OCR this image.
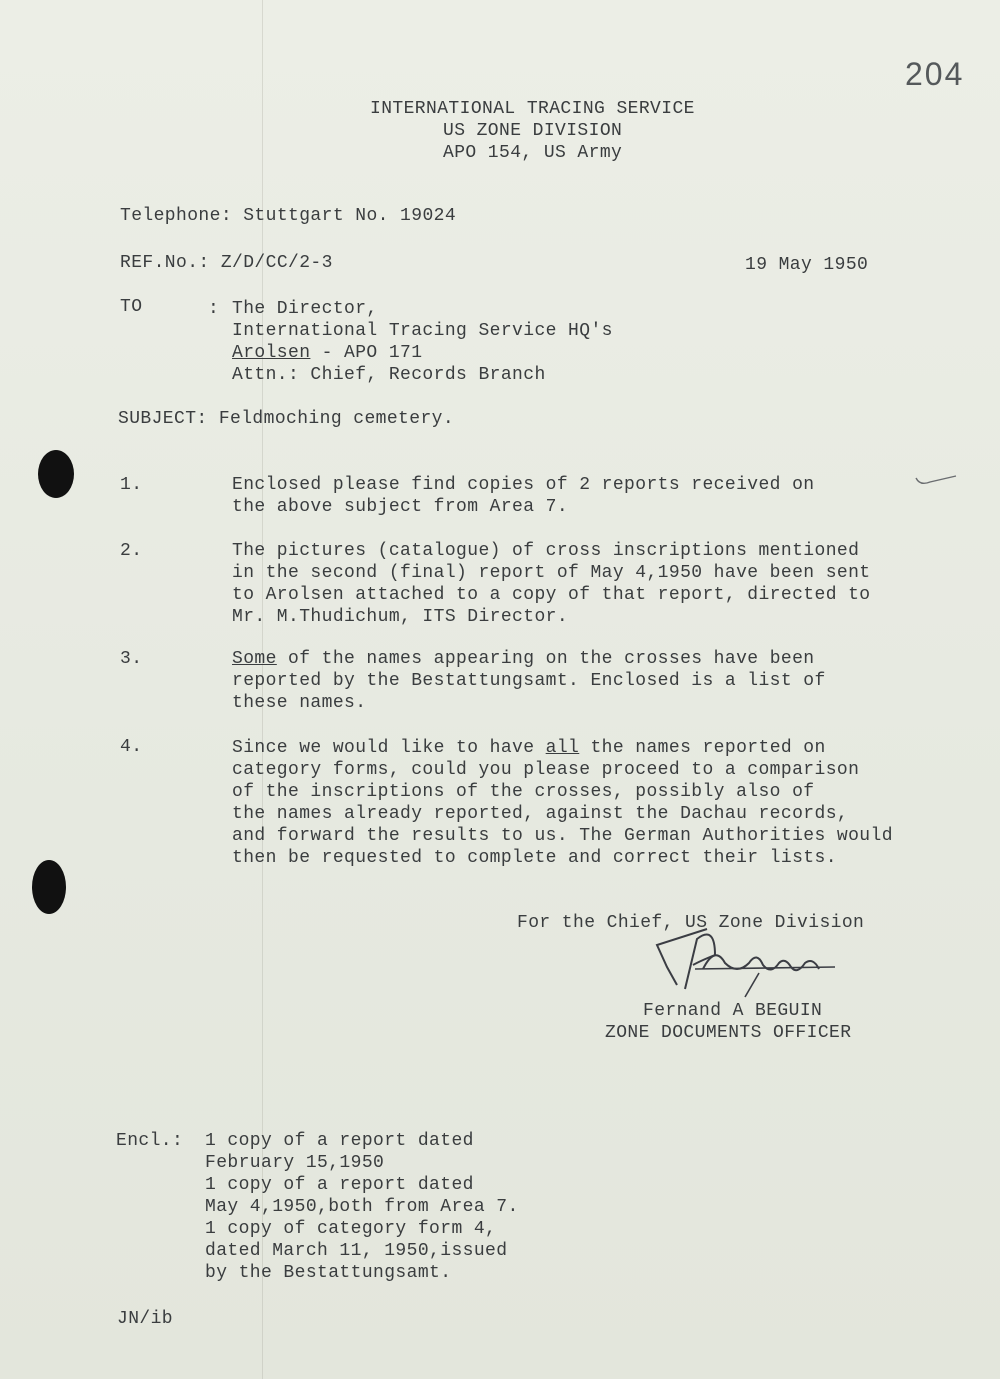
204
INTERNATIONAL TRACING SERVICE
US ZONE DIVISION
APO 154, US Army
Telephone: Stuttgart No. 19024
REF.No.: Z/D/CC/2-3	19 May 1950
TO	: The Director,
International Tracing Service HQ's
Arolsen - APO 171
Attn.: Chief, Records Branch
SUBJECT: Feldmoching cemetery.
1.	Enclosed please find copies of 2 reports received on
the above subject from Area 7.
2.	The pictures (catalogue) of cross inscriptions mentioned
in the second (final) report of May 4,1950 have been sent
to Arolsen attached to a copy of that report, directed to
Mr. M.Thudichum, ITS Director.
3.	Some of the names appearing on the crosses have been
reported by the Bestattungsamt. Enclosed is a list of
these names.
4.	Since we would like to have all the names reported on
category forms, could you please proceed to a comparison
of the inscriptions of the crosses, possibly also of
the names already reported, against the Dachau records,
and forward the results to us. The German Authorities would
then be requested to complete and correct their lists.
For the Chief, US Zone Division
Fernand A BEGUIN
ZONE DOCUMENTS OFFICER
Encl.: 1 copy of a report dated
February 15,1950
1 copy of a report dated
May 4,1950,both from Area 7.
1 copy of category form 4,
dated March 11, 1950,issued
by the Bestattungsamt.
JN/ib
